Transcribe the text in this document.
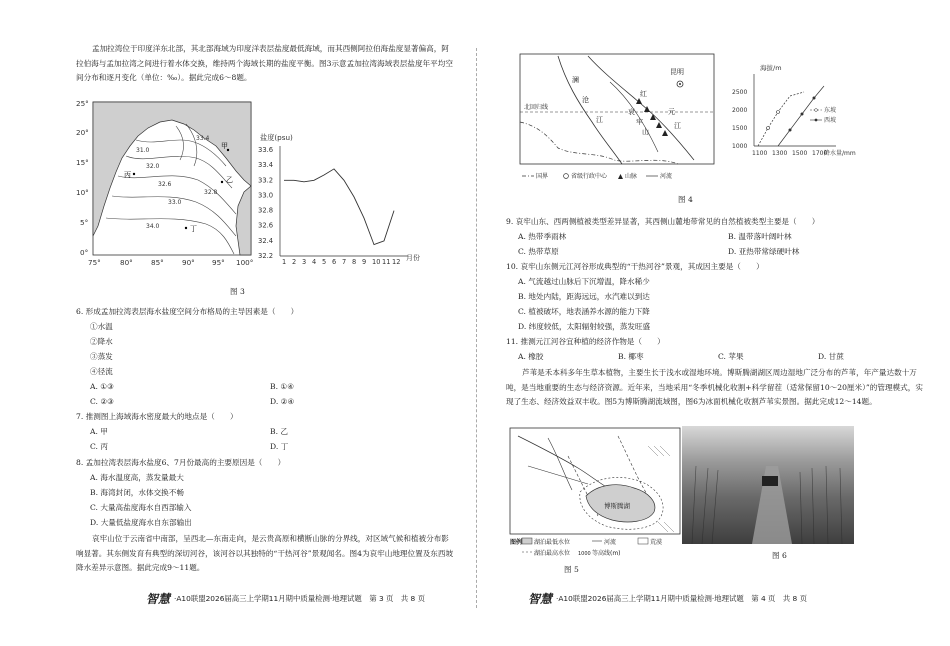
孟加拉湾位于印度洋东北部，其北部海域为印度洋表层盐度最低海域，而其西侧阿拉伯海盐度显著偏高，阿拉伯海与孟加拉湾之间进行着水体交换，维持两个海域长期的盐度平衡。图3示意孟加拉湾海域表层盐度年平均空间分布和逐月变化（单位：‰）。据此完成6～8题。

25°
20°
15°
10°
5°
0°
75°	80°	85°	90° 95° 100°
31.0
32.0
32.6
33.0
33.4
32.8
34.0
丙
甲
乙
丁
盐度(psu)
33.6
33.4
33.2
33.0
32.8
32.6
32.4
32.2
1 2 3 4 5 6 7 8 9 10 11 12 月份
图 3
6. 形成孟加拉湾表层海水盐度空间分布格局的主导因素是（　　）
①水温
②降水
③蒸发
④径流
A. ①③	B. ①④
C. ②③	D. ②④
7. 推测图上海域海水密度最大的地点是（　　）
A. 甲	B. 乙
C. 丙	D. 丁
8. 孟加拉湾表层海水盐度6、7月份最高的主要原因是（　　）
A. 海水温度高，蒸发量最大
B. 海湾封闭，水体交换不畅
C. 大量高盐度海水自西部输入
D. 大量低盐度海水自东部输出

哀牢山位于云南省中南部，呈西北—东南走向，是云贵高原和横断山脉的分界线，对区域气候和植被分布影响显著。其东侧发育有典型的深切河谷，该河谷以其独特的“干热河谷”景观闻名。图4为哀牢山地理位置及东西坡降水差异示意图。据此完成9～11题。

智慧 ·A10联盟2026届高三上学期11月期中质量检测·地理试题　第 3 页　共 8 页
澜
沧
江
红
元
江
哀
牢
山
昆明
北回归线
国界	省级行政中心	山脉	河流
海拔/m
2500
2000
1500
1000
1100 1300 1500 1700
降水量/mm
东坡
西坡
图 4
9. 哀牢山东、西两侧植被类型差异显著，其西侧山麓地带常见的自然植被类型主要是（　　）
A. 热带季雨林	B. 温带落叶阔叶林
C. 热带草原	D. 亚热带常绿硬叶林
10. 哀牢山东侧元江河谷形成典型的“干热河谷”景观，其成因主要是（　　）
A. 气流越过山脉后下沉增温，降水稀少
B. 地处内陆，距海远远，水汽难以到达
C. 植被破坏，地表涵养水源的能力下降
D. 纬度较低，太阳辐射较强，蒸发旺盛
11. 推测元江河谷宜种植的经济作物是（　　）
A. 橡胶	B. 椰枣	C. 苹果	D. 甘蔗

芦苇是禾本科多年生草本植物，主要生长于浅水或湿地环境。博斯腾湖湖区周边湿地广泛分布的芦苇，年产量达数十万吨，是当地重要的生态与经济资源。近年来，当地采用“冬季机械化收割+科学留茬（适常保留10～20厘米）”的管理模式，实现了生态、经济效益双丰收。图5为博斯腾湖流域图，图6为冰面机械化收割芦苇实景图。据此完成12～14题。

博斯腾湖
图例 湖泊最低水位	河流	荒漠
湖泊最高水位 1000 等高线(m)
图 5
图 6
智慧 ·A10联盟2026届高三上学期11月期中质量检测·地理试题　第 4 页　共 8 页
